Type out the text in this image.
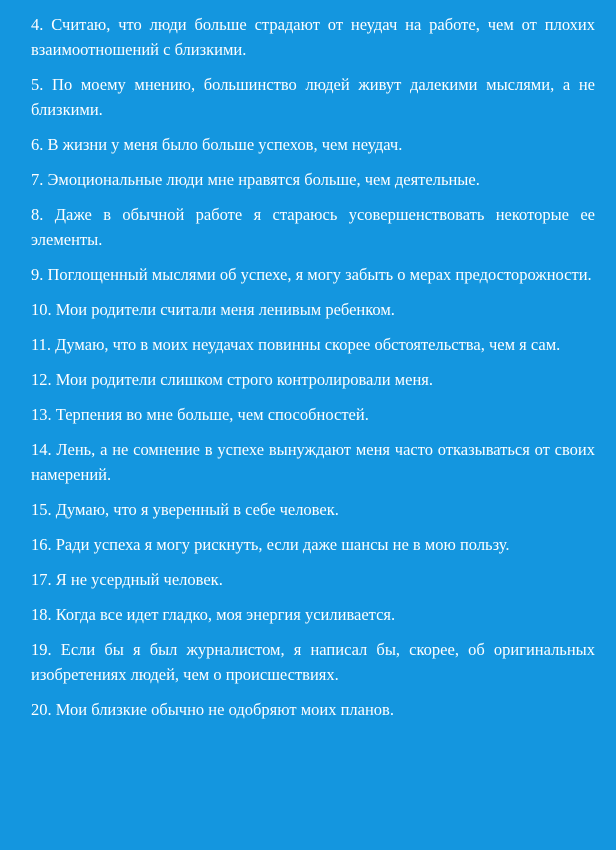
4. Считаю, что люди больше страдают от неудач на работе, чем от плохих взаимоотношений с близкими.

5. По моему мнению, большинство людей живут далекими мыслями, а не близкими.

6. В жизни у меня было больше успехов, чем неудач.

7. Эмоциональные люди мне нравятся больше, чем деятельные.

8. Даже в обычной работе я стараюсь усовершенствовать некоторые ее элементы.

9. Поглощенный мыслями об успехе, я могу забыть о мерах предосторожности.

10. Мои родители считали меня ленивым ребенком.

11. Думаю, что в моих неудачах повинны скорее обстоятельства, чем я сам.

12. Мои родители слишком строго контролировали меня.

13. Терпения во мне больше, чем способностей.

14. Лень, а не сомнение в успехе вынуждают меня часто отказываться от своих намерений.

15. Думаю, что я уверенный в себе человек.

16. Ради успеха я могу рискнуть, если даже шансы не в мою пользу.

17. Я не усердный человек.

18. Когда все идет гладко, моя энергия усиливается.

19. Если бы я был журналистом, я написал бы, скорее, об оригинальных изобретениях людей, чем о происшествиях.

20. Мои близкие обычно не одобряют моих планов.
